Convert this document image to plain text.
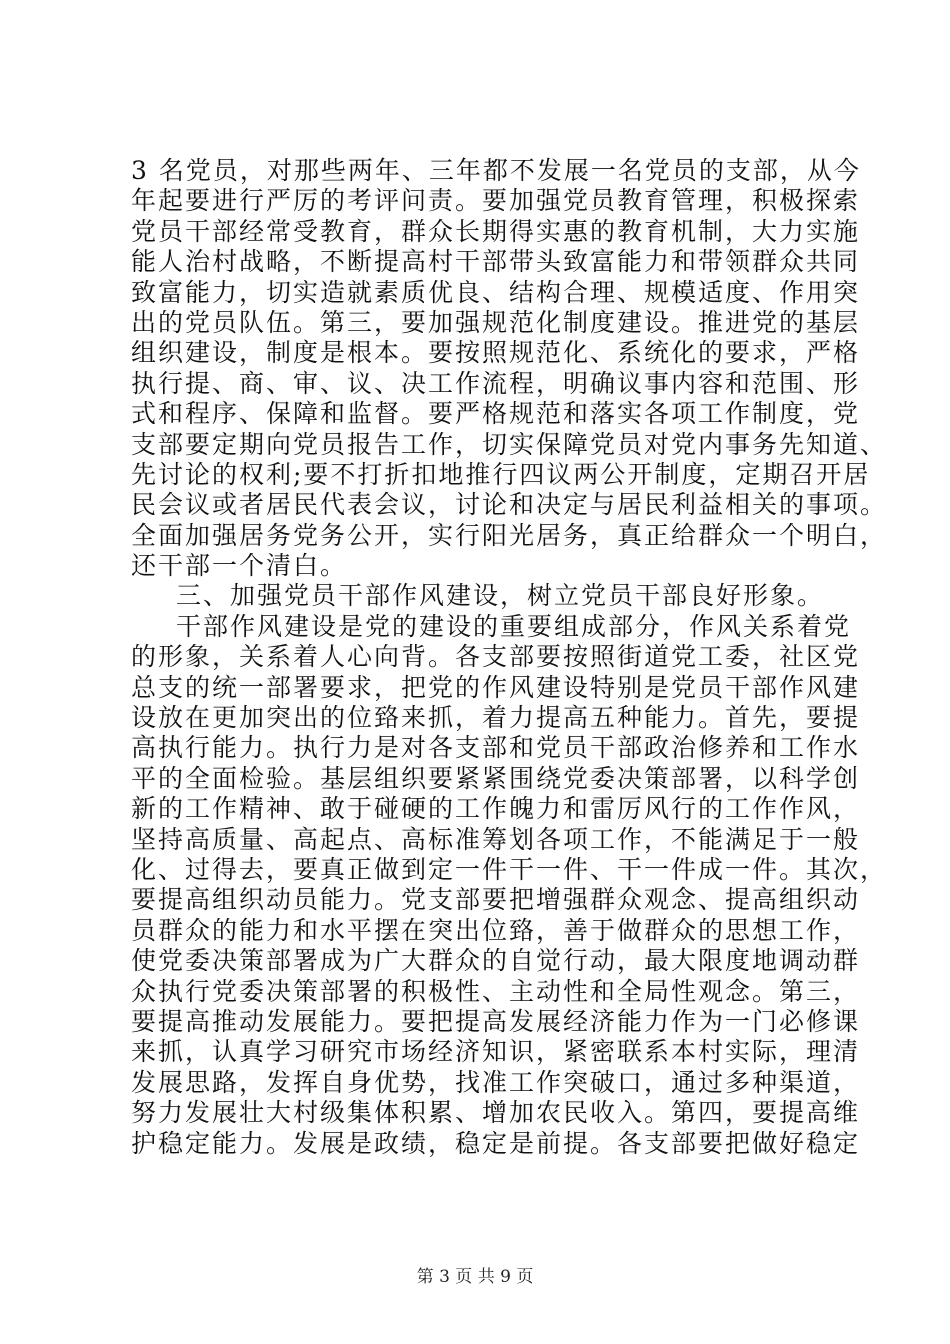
3 名党员，对那些两年、三年都不发展一名党员的支部，从今
年起要进行严厉的考评问责。要加强党员教育管理，积极探索
党员干部经常受教育，群众长期得实惠的教育机制，大力实施
能人治村战略，不断提高村干部带头致富能力和带领群众共同
致富能力，切实造就素质优良、结构合理、规模适度、作用突
出的党员队伍。第三，要加强规范化制度建设。推进党的基层
组织建设，制度是根本。要按照规范化、系统化的要求，严格
执行提、商、审、议、决工作流程，明确议事内容和范围、形
式和程序、保障和监督。要严格规范和落实各项工作制度，党
支部要定期向党员报告工作，切实保障党员对党内事务先知道、
先讨论的权利;要不打折扣地推行四议两公开制度，定期召开居
民会议或者居民代表会议，讨论和决定与居民利益相关的事项。
全面加强居务党务公开，实行阳光居务，真正给群众一个明白，
还干部一个清白。
三、加强党员干部作风建设，树立党员干部良好形象。
干部作风建设是党的建设的重要组成部分，作风关系着党
的形象，关系着人心向背。各支部要按照街道党工委，社区党
总支的统一部署要求，把党的作风建设特别是党员干部作风建
设放在更加突出的位臵来抓，着力提高五种能力。首先，要提
高执行能力。执行力是对各支部和党员干部政治修养和工作水
平的全面检验。基层组织要紧紧围绕党委决策部署，以科学创
新的工作精神、敢于碰硬的工作魄力和雷厉风行的工作作风，
坚持高质量、高起点、高标准筹划各项工作，不能满足于一般
化、过得去，要真正做到定一件干一件、干一件成一件。其次，
要提高组织动员能力。党支部要把增强群众观念、提高组织动
员群众的能力和水平摆在突出位臵，善于做群众的思想工作，
使党委决策部署成为广大群众的自觉行动，最大限度地调动群
众执行党委决策部署的积极性、主动性和全局性观念。第三，
要提高推动发展能力。要把提高发展经济能力作为一门必修课
来抓，认真学习研究市场经济知识，紧密联系本村实际，理清
发展思路，发挥自身优势，找准工作突破口，通过多种渠道，
努力发展壮大村级集体积累、增加农民收入。第四，要提高维
护稳定能力。发展是政绩，稳定是前提。各支部要把做好稳定
第 3 页 共 9 页
